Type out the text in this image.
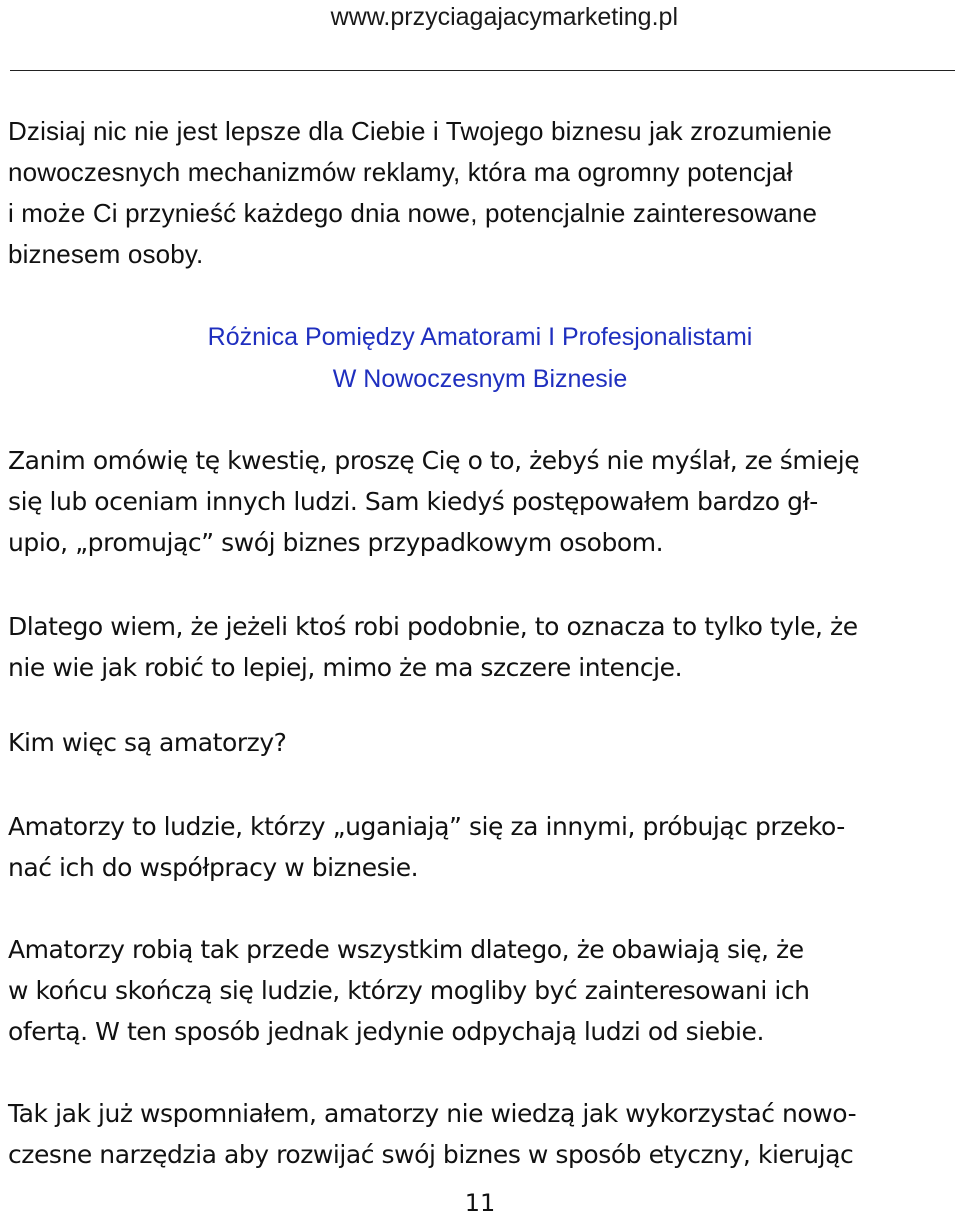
www.przyciagajacymarketing.pl
Dzisiaj nic nie jest lepsze dla Ciebie i Twojego biznesu jak zrozumienie
nowoczesnych mechanizmów reklamy, która ma ogromny potencjał
i może Ci przynieść każdego dnia nowe, potencjalnie zainteresowane
biznesem osoby.
Różnica Pomiędzy Amatorami I Profesjonalistami
W Nowoczesnym Biznesie
Zanim omówię tę kwestię, proszę Cię o to, żebyś nie myślał, ze śmieję
się lub oceniam innych ludzi. Sam kiedyś postępowałem bardzo gł-
upio, „promując” swój biznes przypadkowym osobom.
Dlatego wiem, że jeżeli ktoś robi podobnie, to oznacza to tylko tyle, że
nie wie jak robić to lepiej, mimo że ma szczere intencje.
Kim więc są amatorzy?
Amatorzy to ludzie, którzy „uganiają” się za innymi, próbując przeko-
nać ich do współpracy w biznesie.
Amatorzy robią tak przede wszystkim dlatego, że obawiają się, że
w końcu skończą się ludzie, którzy mogliby być zainteresowani ich
ofertą. W ten sposób jednak jedynie odpychają ludzi od siebie.
Tak jak już wspomniałem, amatorzy nie wiedzą jak wykorzystać nowo-
czesne narzędzia aby rozwijać swój biznes w sposób etyczny, kierując
11
